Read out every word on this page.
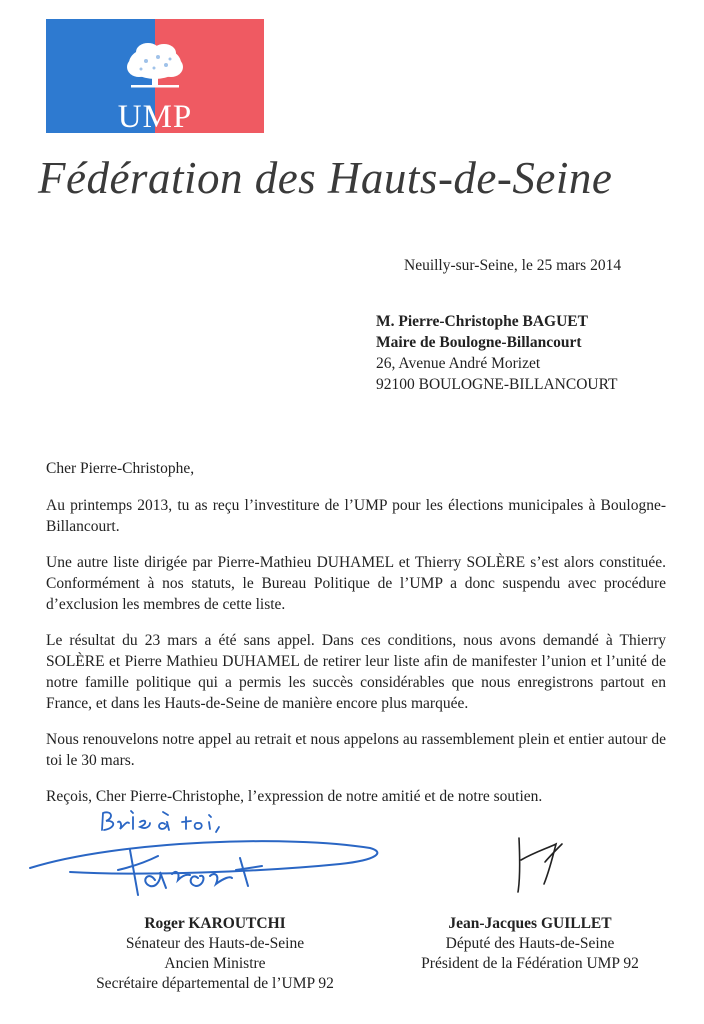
UMP
Fédération des Hauts-de-Seine
Neuilly-sur-Seine, le 25 mars 2014
M. Pierre-Christophe BAGUET
Maire de Boulogne-Billancourt
26, Avenue André Morizet
92100 BOULOGNE-BILLANCOURT

Cher Pierre-Christophe,

Au printemps 2013, tu as reçu l’investiture de l’UMP pour les élections municipales à Boulogne-Billancourt.

Une autre liste dirigée par Pierre-Mathieu DUHAMEL et Thierry SOLÈRE s’est alors constituée. Conformément à nos statuts, le Bureau Politique de l’UMP a donc suspendu avec procédure d’exclusion les membres de cette liste.

Le résultat du 23 mars a été sans appel. Dans ces conditions, nous avons demandé à Thierry SOLÈRE et Pierre Mathieu DUHAMEL de retirer leur liste afin de manifester l’union et l’unité de notre famille politique qui a permis les succès considérables que nous enregistrons partout en France, et dans les Hauts-de-Seine de manière encore plus marquée.

Nous renouvelons notre appel au retrait et nous appelons au rassemblement plein et entier autour de toi le 30 mars.

Reçois, Cher Pierre-Christophe, l’expression de notre amitié et de notre soutien.

Roger KAROUTCHI
Sénateur des Hauts-de-Seine
Ancien Ministre
Secrétaire départemental de l’UMP 92
Jean-Jacques GUILLET
Député des Hauts-de-Seine
Président de la Fédération UMP 92
